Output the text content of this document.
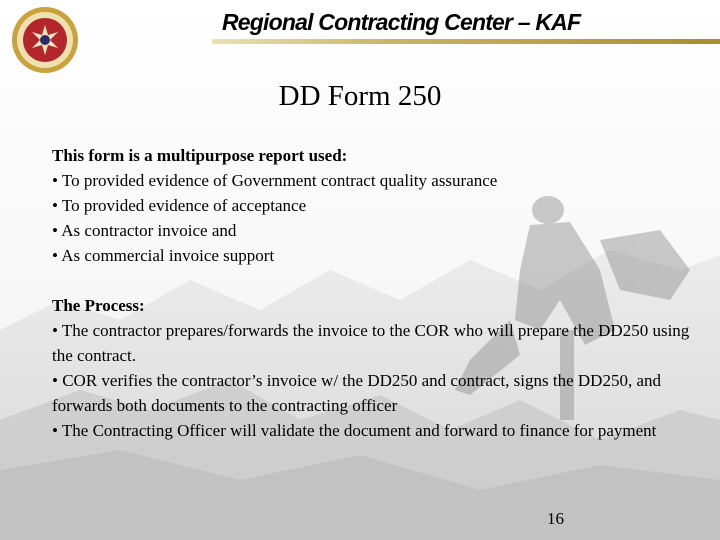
Regional Contracting Center – KAF
DD Form 250
This form is a multipurpose report used:
• To provided evidence of Government contract quality assurance
• To provided evidence of acceptance
• As contractor invoice and
• As commercial invoice support
The Process:
• The contractor prepares/forwards the invoice to the COR who will prepare the DD250 using the contract.
• COR verifies the contractor’s invoice w/ the DD250 and contract, signs the DD250, and forwards both documents to the contracting officer
• The Contracting Officer will validate the document and forward to finance for payment
16
